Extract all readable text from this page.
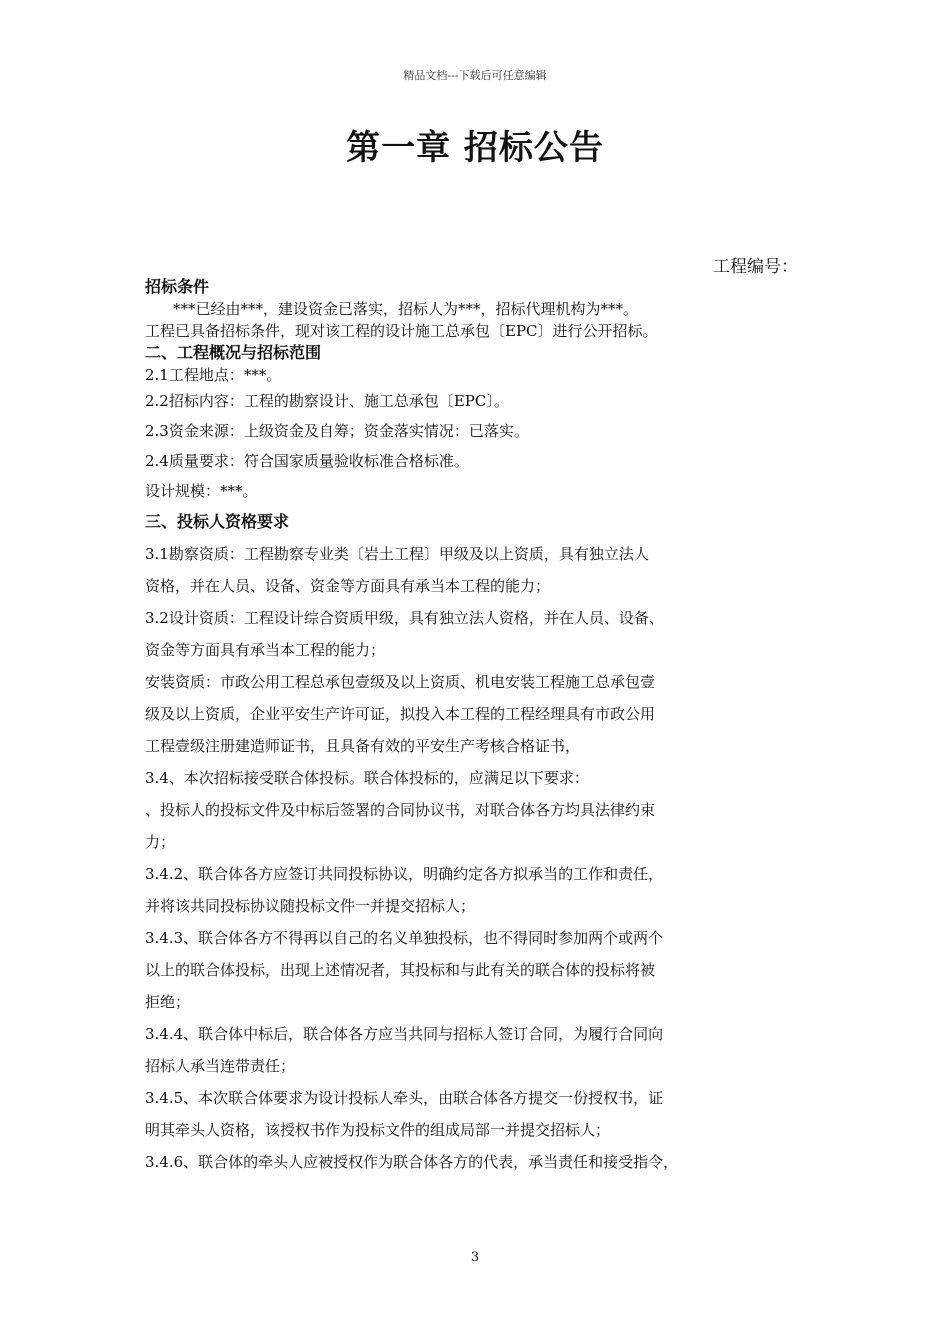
精品文档---下载后可任意编辑
第一章 招标公告
工程编号：

招标条件

***已经由***，建设资金已落实，招标人为***，招标代理机构为***。

工程已具备招标条件，现对该工程的设计施工总承包〔EPC〕进行公开招标。

二、工程概况与招标范围

2.1工程地点：***。

2.2招标内容：工程的勘察设计、施工总承包〔EPC〕。

2.3资金来源：上级资金及自筹；资金落实情况：已落实。

2.4质量要求：符合国家质量验收标准合格标准。

设计规模：***。

三、投标人资格要求

3.1勘察资质：工程勘察专业类〔岩土工程〕甲级及以上资质，具有独立法人

资格，并在人员、设备、资金等方面具有承当本工程的能力；

3.2设计资质：工程设计综合资质甲级，具有独立法人资格，并在人员、设备、

资金等方面具有承当本工程的能力；

安装资质：市政公用工程总承包壹级及以上资质、机电安装工程施工总承包壹

级及以上资质，企业平安生产许可证，拟投入本工程的工程经理具有市政公用

工程壹级注册建造师证书，且具备有效的平安生产考核合格证书，

3.4、本次招标接受联合体投标。联合体投标的，应满足以下要求：

、投标人的投标文件及中标后签署的合同协议书，对联合体各方均具法律约束

力；

3.4.2、联合体各方应签订共同投标协议，明确约定各方拟承当的工作和责任，

并将该共同投标协议随投标文件一并提交招标人；

3.4.3、联合体各方不得再以自己的名义单独投标，也不得同时参加两个或两个

以上的联合体投标，出现上述情况者，其投标和与此有关的联合体的投标将被

拒绝；

3.4.4、联合体中标后，联合体各方应当共同与招标人签订合同，为履行合同向

招标人承当连带责任；

3.4.5、本次联合体要求为设计投标人牵头，由联合体各方提交一份授权书，证

明其牵头人资格，该授权书作为投标文件的组成局部一并提交招标人；

3.4.6、联合体的牵头人应被授权作为联合体各方的代表，承当责任和接受指令，

3
